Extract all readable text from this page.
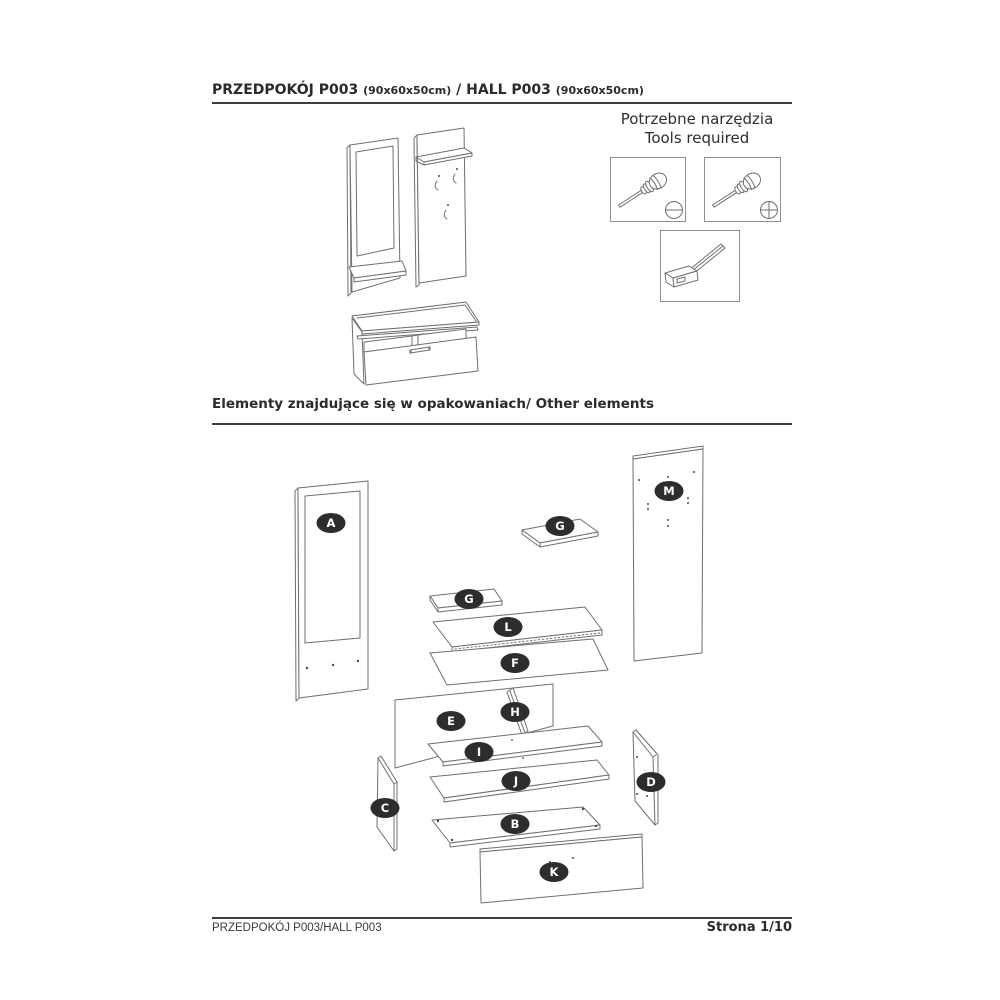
PRZEDPOKÓJ P003 (90x60x50cm) / HALL P003 (90x60x50cm)
Potrzebne narzędzia
Tools required
Elementy znajdujące się w opakowaniach/ Other elements
A
M
G
G
L
F
E
H
I
J
C
D
B
K
PRZEDPOKÓJ P003/HALL P003	Strona 1/10
